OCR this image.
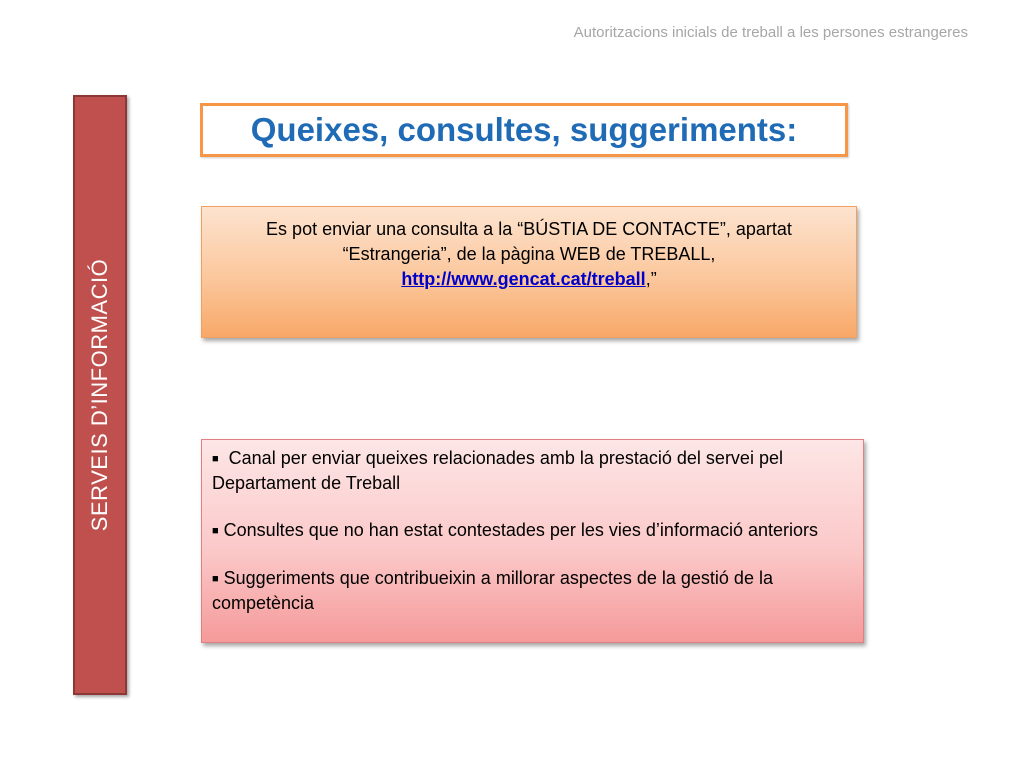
Autoritzacions inicials de treball a les persones estrangeres
SERVEIS D’INFORMACIÓ
Queixes, consultes, suggeriments:
Es pot enviar una consulta a la “BÚSTIA DE CONTACTE”, apartat
“Estrangeria”, de la pàgina WEB de TREBALL,
http://www.gencat.cat/treball,”
■ Canal per enviar queixes relacionades amb la prestació del servei pel Departament de Treball
■ Consultes que no han estat contestades per les vies d’informació anteriors
■ Suggeriments que contribueixin a millorar aspectes de la gestió de la competència
